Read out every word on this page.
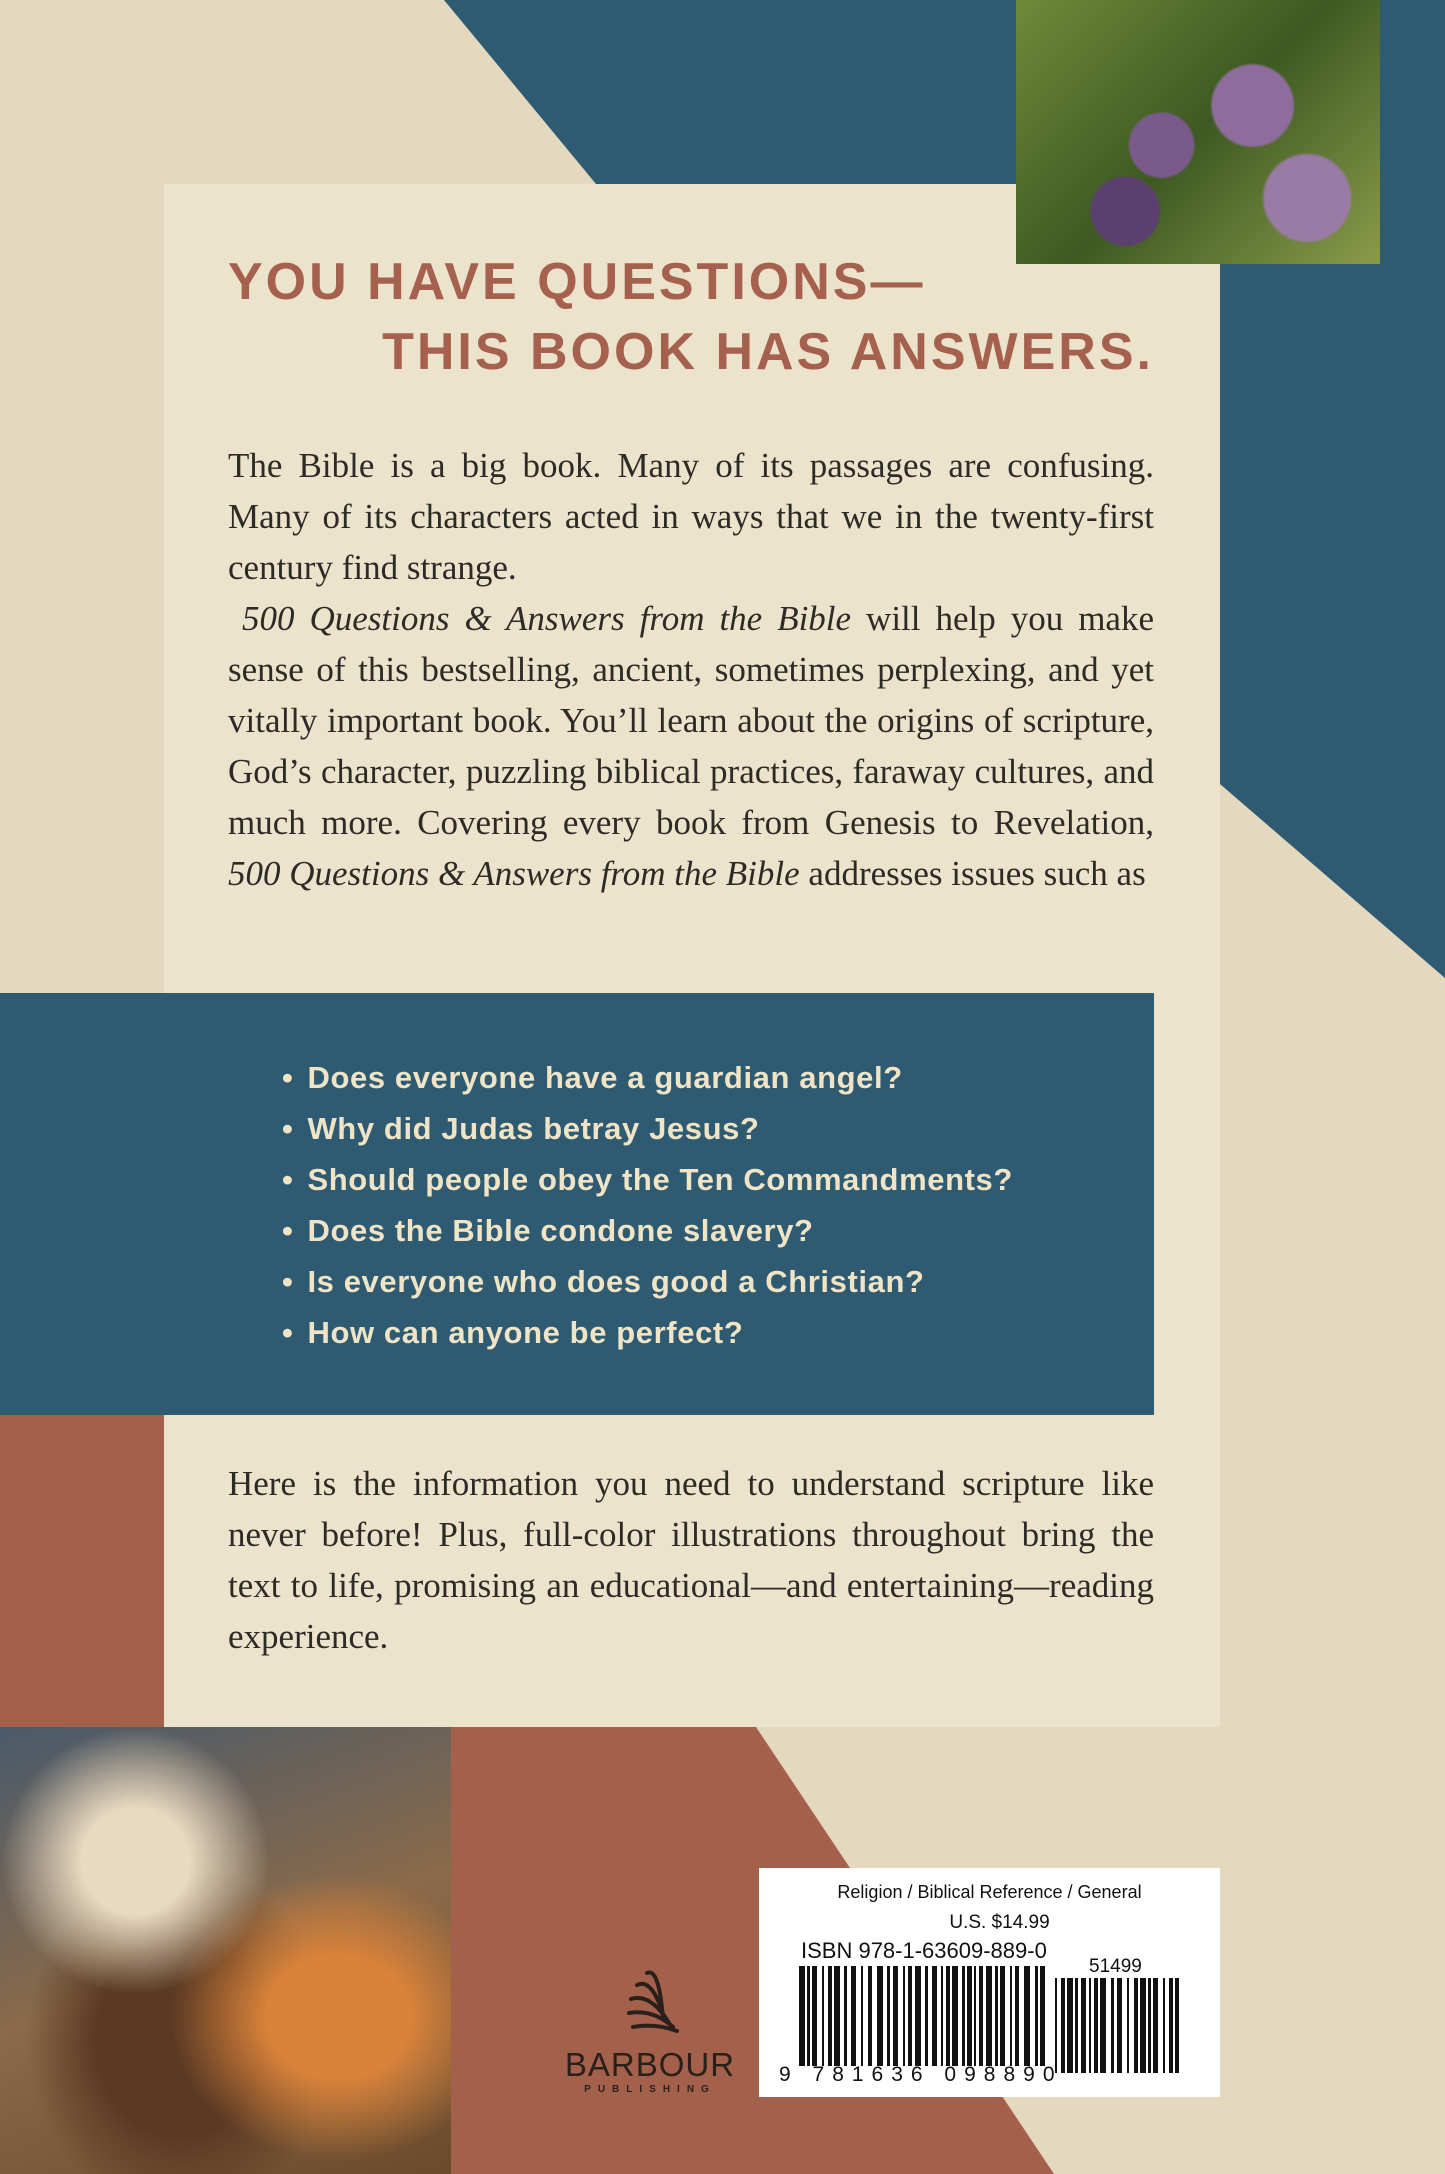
YOU HAVE QUESTIONS—
THIS BOOK HAS ANSWERS.

The Bible is a big book. Many of its passages are confusing. Many of its characters acted in ways that we in the twenty-first century find strange.

500 Questions & Answers from the Bible will help you make sense of this bestselling, ancient, sometimes perplexing, and yet vitally important book. You’ll learn about the origins of scripture, God’s character, puzzling biblical practices, faraway cultures, and much more. Covering every book from Genesis to Revelation, 500 Questions & Answers from the Bible addresses issues such as

• Does everyone have a guardian angel?
• Why did Judas betray Jesus?
• Should people obey the Ten Commandments?
• Does the Bible condone slavery?
• Is everyone who does good a Christian?
• How can anyone be perfect?

Here is the information you need to understand scripture like never before! Plus, full-color illustrations throughout bring the text to life, promising an educational—and entertaining—reading experience.

BARBOUR
PUBLISHING
Religion / Biblical Reference / General
U.S. $14.99
ISBN 978-1-63609-889-0
51499
9 781636 098890
